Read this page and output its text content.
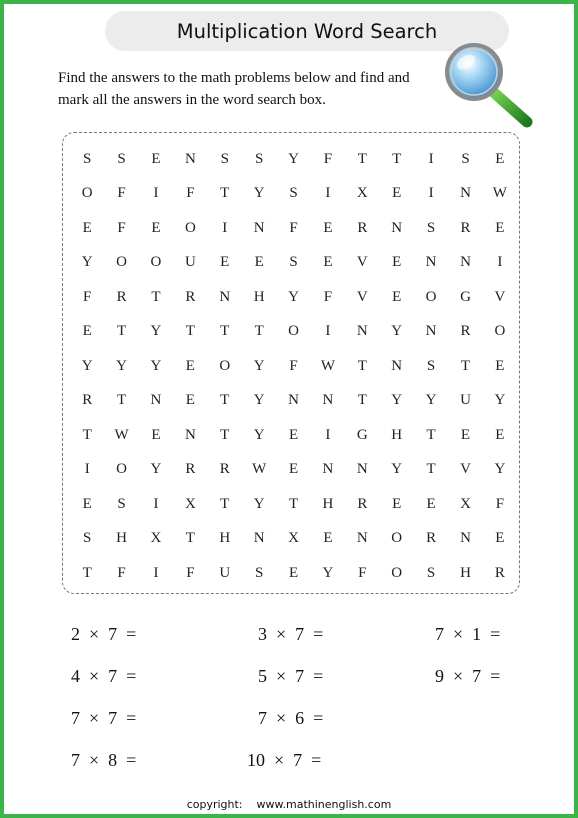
Multiplication Word Search
Find the answers to the math problems below and find and mark all the answers in the word search box.
S	S	E	N	S	S	Y	F	T	T	I	S	E
O	F	I	F	T	Y	S	I	X	E	I	N	W
E	F	E	O	I	N	F	E	R	N	S	R	E
Y	O	O	U	E	E	S	E	V	E	N	N	I
F	R	T	R	N	H	Y	F	V	E	O	G	V
E	T	Y	T	T	T	O	I	N	Y	N	R	O
Y	Y	Y	E	O	Y	F	W	T	N	S	T	E
R	T	N	E	T	Y	N	N	T	Y	Y	U	Y
T	W	E	N	T	Y	E	I	G	H	T	E	E
I	O	Y	R	R	W	E	N	N	Y	T	V	Y
E	S	I	X	T	Y	T	H	R	E	E	X	F
S	H	X	T	H	N	X	E	N	O	R	N	E
T	F	I	F	U	S	E	Y	F	O	S	H	R
2  ×  7  =	3  ×  7  =	7  ×  1  =
4  ×  7  =	5  ×  7  =	9  ×  7  =
7  ×  7  =	7  ×  6  =
7  ×  8  =	10  ×  7  =
copyright: www.mathinenglish.com
